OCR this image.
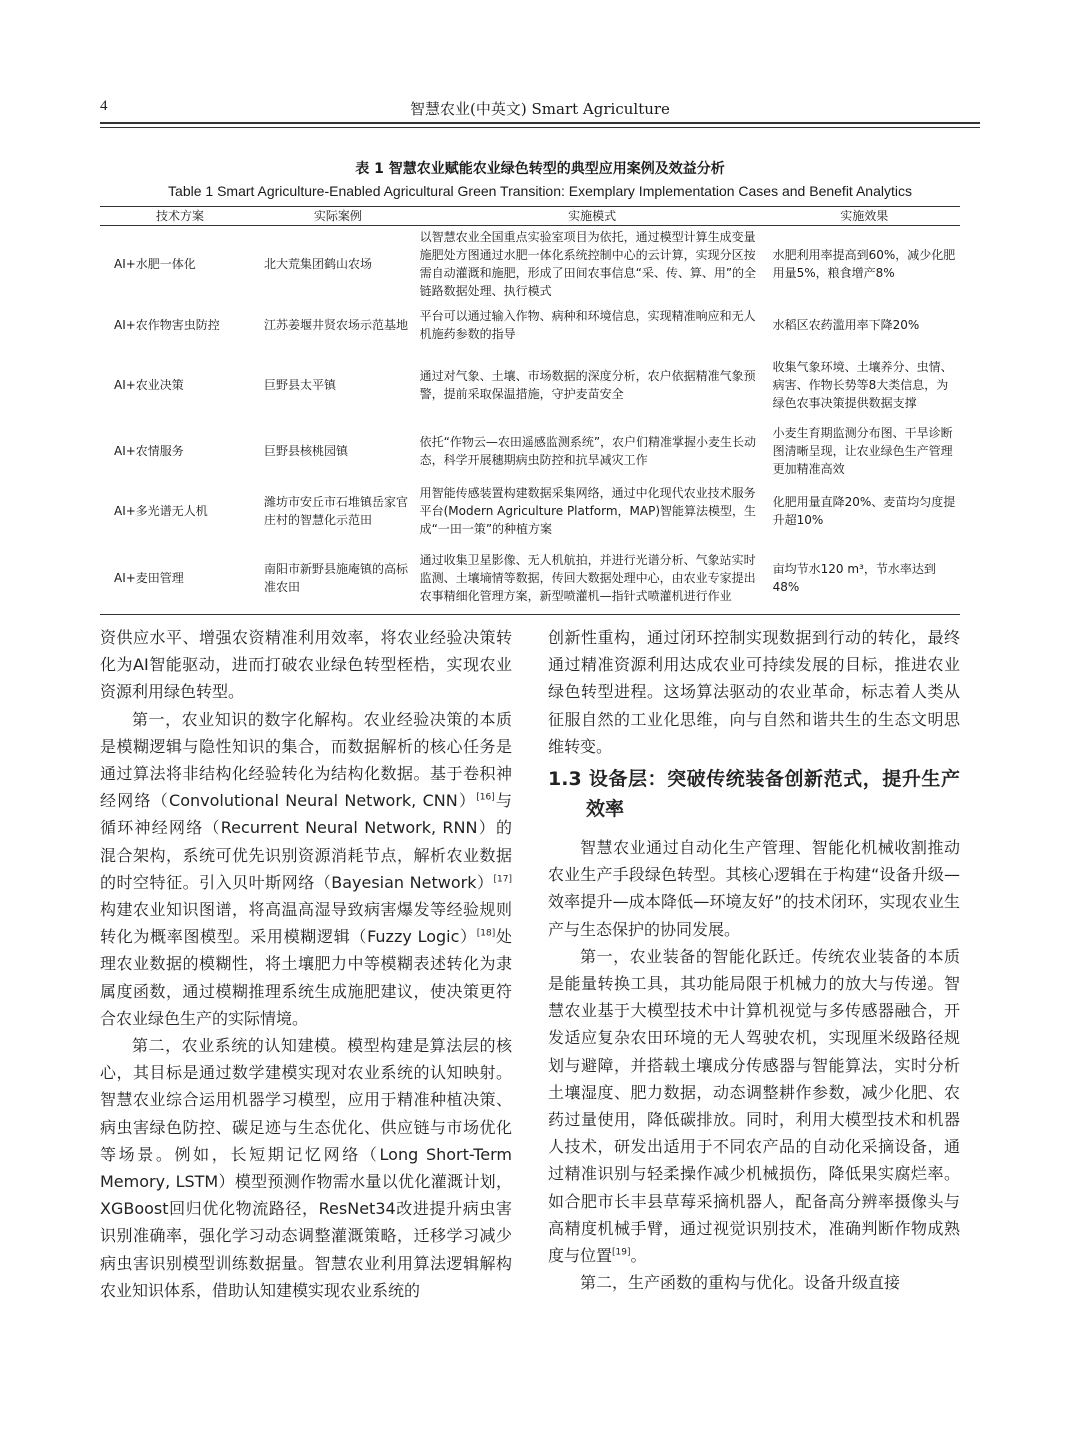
4	智慧农业(中英文) Smart Agriculture
表 1 智慧农业赋能农业绿色转型的典型应用案例及效益分析
Table 1 Smart Agriculture-Enabled Agricultural Green Transition: Exemplary Implementation Cases and Benefit Analytics
技术方案	实际案例	实施模式	实施效果
AI+水肥一体化	北大荒集团鹤山农场	以智慧农业全国重点实验室项目为依托，通过模型计算生成变量施肥处方图通过水肥一体化系统控制中心的云计算，实现分区按需自动灌溉和施肥，形成了田间农事信息“采、传、算、用”的全链路数据处理、执行模式	水肥利用率提高到60%，减少化肥用量5%，粮食增产8%
AI+农作物害虫防控	江苏姜堰井贤农场示范基地	平台可以通过输入作物、病种和环境信息，实现精准响应和无人机施药参数的指导	水稻区农药滥用率下降20%
AI+农业决策	巨野县太平镇	通过对气象、土壤、市场数据的深度分析，农户依据精准气象预警，提前采取保温措施，守护麦苗安全	收集气象环境、土壤养分、虫情、病害、作物长势等8大类信息，为绿色农事决策提供数据支撑
AI+农情服务	巨野县核桃园镇	依托“作物云—农田遥感监测系统”，农户们精准掌握小麦生长动态，科学开展穗期病虫防控和抗旱减灾工作	小麦生育期监测分布图、干旱诊断图清晰呈现，让农业绿色生产管理更加精准高效
AI+多光谱无人机	潍坊市安丘市石堆镇岳家官庄村的智慧化示范田	用智能传感装置构建数据采集网络，通过中化现代农业技术服务平台(Modern Agriculture Platform，MAP)智能算法模型，生成“一田一策”的种植方案	化肥用量直降20%、麦苗均匀度提升超10%
AI+麦田管理	南阳市新野县施庵镇的高标准农田	通过收集卫星影像、无人机航拍，并进行光谱分析、气象站实时监测、土壤墒情等数据，传回大数据处理中心，由农业专家提出农事精细化管理方案，新型喷灌机—指针式喷灌机进行作业	亩均节水120 m³，节水率达到48%

资供应水平、增强农资精准利用效率，将农业经验决策转化为AI智能驱动，进而打破农业绿色转型桎梏，实现农业资源利用绿色转型。

第一，农业知识的数字化解构。农业经验决策的本质是模糊逻辑与隐性知识的集合，而数据解析的核心任务是通过算法将非结构化经验转化为结构化数据。基于卷积神经网络（Convolutional Neural Network, CNN）[16]与循环神经网络（Recurrent Neural Network, RNN）的混合架构，系统可优先识别资源消耗节点，解析农业数据的时空特征。引入贝叶斯网络（Bayesian Network）[17]构建农业知识图谱，将高温高湿导致病害爆发等经验规则转化为概率图模型。采用模糊逻辑（Fuzzy Logic）[18]处理农业数据的模糊性，将土壤肥力中等模糊表述转化为隶属度函数，通过模糊推理系统生成施肥建议，使决策更符合农业绿色生产的实际情境。

第二，农业系统的认知建模。模型构建是算法层的核心，其目标是通过数学建模实现对农业系统的认知映射。智慧农业综合运用机器学习模型，应用于精准种植决策、病虫害绿色防控、碳足迹与生态优化、供应链与市场优化等场景。例如，长短期记忆网络（Long Short-Term Memory, LSTM）模型预测作物需水量以优化灌溉计划，XGBoost回归优化物流路径，ResNet34改进提升病虫害识别准确率，强化学习动态调整灌溉策略，迁移学习减少病虫害识别模型训练数据量。智慧农业利用算法逻辑解构农业知识体系，借助认知建模实现农业系统的

创新性重构，通过闭环控制实现数据到行动的转化，最终通过精准资源利用达成农业可持续发展的目标，推进农业绿色转型进程。这场算法驱动的农业革命，标志着人类从征服自然的工业化思维，向与自然和谐共生的生态文明思维转变。

1.3 设备层：突破传统装备创新范式，提升生产效率

智慧农业通过自动化生产管理、智能化机械收割推动农业生产手段绿色转型。其核心逻辑在于构建“设备升级—效率提升—成本降低—环境友好”的技术闭环，实现农业生产与生态保护的协同发展。

第一，农业装备的智能化跃迁。传统农业装备的本质是能量转换工具，其功能局限于机械力的放大与传递。智慧农业基于大模型技术中计算机视觉与多传感器融合，开发适应复杂农田环境的无人驾驶农机，实现厘米级路径规划与避障，并搭载土壤成分传感器与智能算法，实时分析土壤湿度、肥力数据，动态调整耕作参数，减少化肥、农药过量使用，降低碳排放。同时，利用大模型技术和机器人技术，研发出适用于不同农产品的自动化采摘设备，通过精准识别与轻柔操作减少机械损伤，降低果实腐烂率。如合肥市长丰县草莓采摘机器人，配备高分辨率摄像头与高精度机械手臂，通过视觉识别技术，准确判断作物成熟度与位置[19]。

第二，生产函数的重构与优化。设备升级直接
